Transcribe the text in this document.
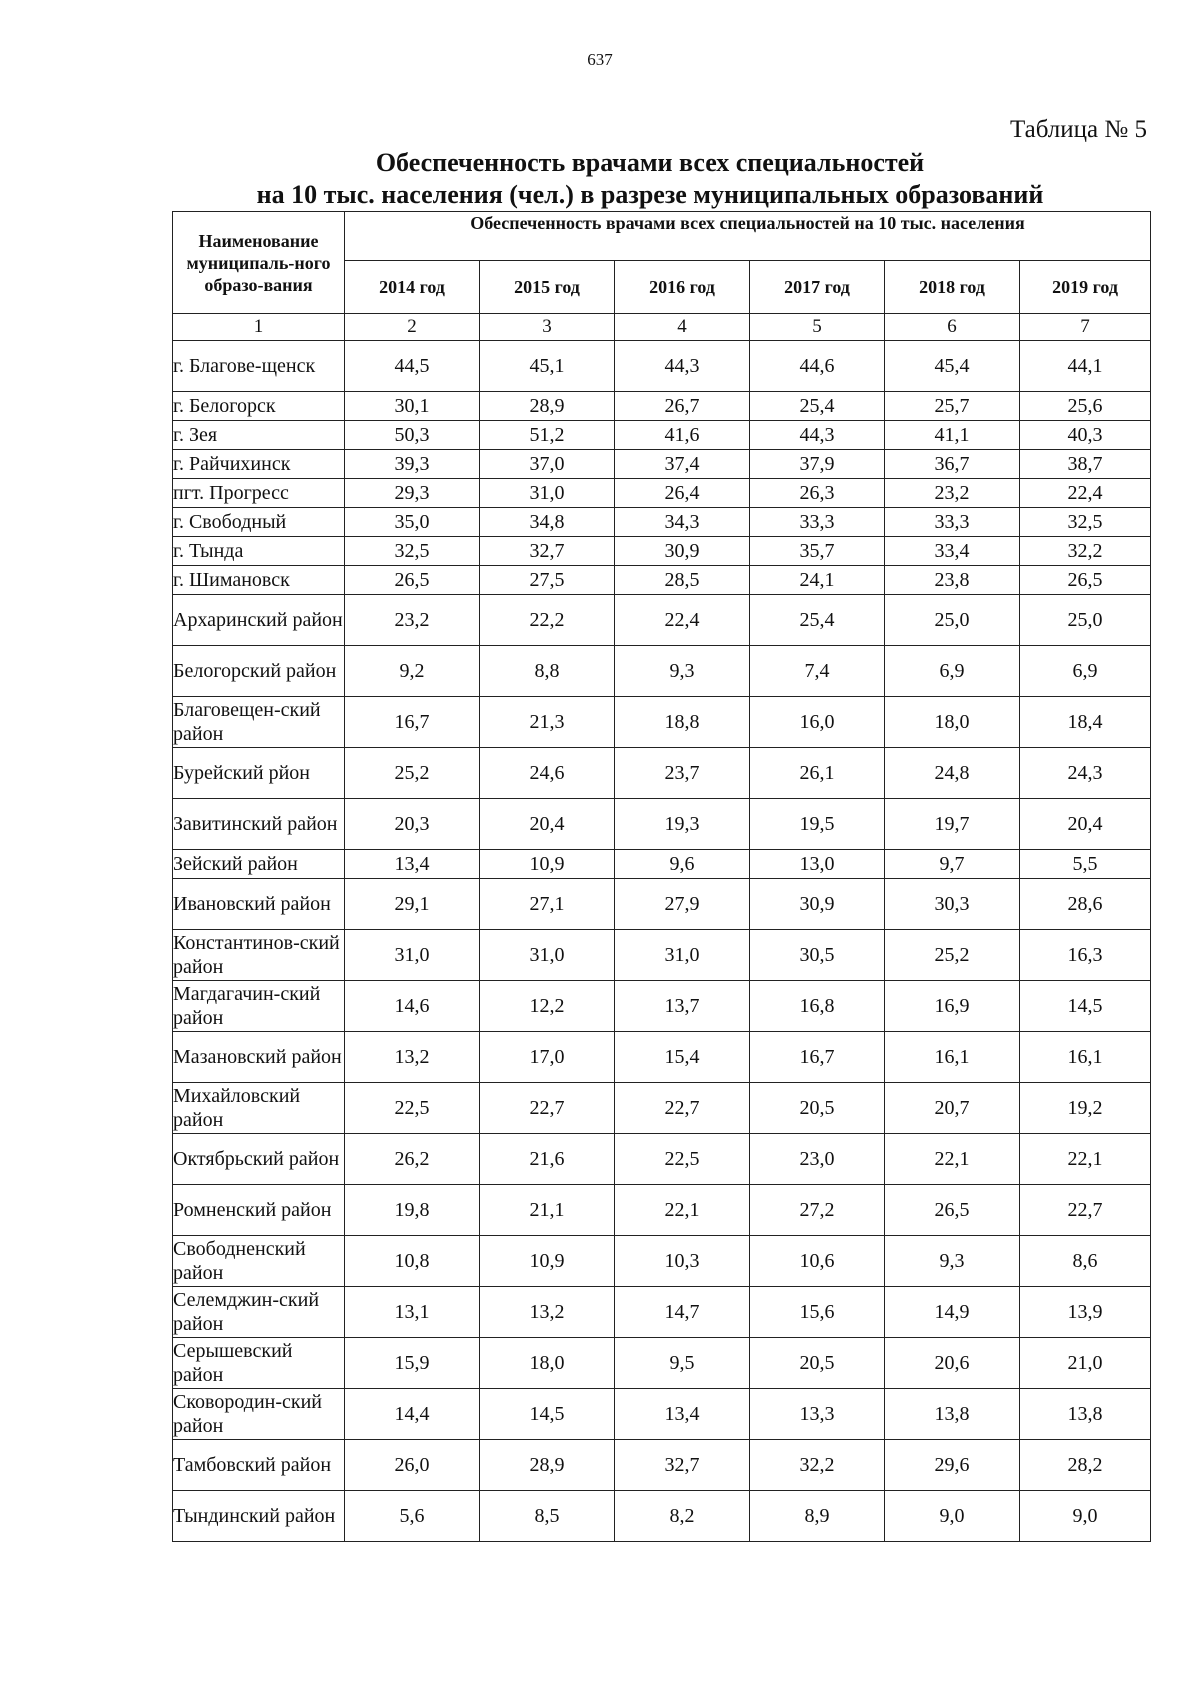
637
Таблица № 5
Обеспеченность врачами всех специальностей
на 10 тыс. населения (чел.) в разрезе муниципальных образований
Наименование муниципаль-ного образо-вания	Обеспеченность врачами всех специальностей на 10 тыс. населения					
	2014 год	2015 год	2016 год	2017 год	2018 год	2019 год
1	2	3	4	5	6	7
г. Благове-щенск	44,5	45,1	44,3	44,6	45,4	44,1
г. Белогорск	30,1	28,9	26,7	25,4	25,7	25,6
г. Зея	50,3	51,2	41,6	44,3	41,1	40,3
г. Райчихинск	39,3	37,0	37,4	37,9	36,7	38,7
пгт. Прогресс	29,3	31,0	26,4	26,3	23,2	22,4
г. Свободный	35,0	34,8	34,3	33,3	33,3	32,5
г. Тында	32,5	32,7	30,9	35,7	33,4	32,2
г. Шимановск	26,5	27,5	28,5	24,1	23,8	26,5
Архаринский район	23,2	22,2	22,4	25,4	25,0	25,0
Белогорский район	9,2	8,8	9,3	7,4	6,9	6,9
Благовещен-ский район	16,7	21,3	18,8	16,0	18,0	18,4
Бурейский рйон	25,2	24,6	23,7	26,1	24,8	24,3
Завитинский район	20,3	20,4	19,3	19,5	19,7	20,4
Зейский район	13,4	10,9	9,6	13,0	9,7	5,5
Ивановский район	29,1	27,1	27,9	30,9	30,3	28,6
Константинов-ский район	31,0	31,0	31,0	30,5	25,2	16,3
Магдагачин-ский район	14,6	12,2	13,7	16,8	16,9	14,5
Мазановский район	13,2	17,0	15,4	16,7	16,1	16,1
Михайловский район	22,5	22,7	22,7	20,5	20,7	19,2
Октябрьский район	26,2	21,6	22,5	23,0	22,1	22,1
Ромненский район	19,8	21,1	22,1	27,2	26,5	22,7
Свободненский район	10,8	10,9	10,3	10,6	9,3	8,6
Селемджин-ский район	13,1	13,2	14,7	15,6	14,9	13,9
Серышевский район	15,9	18,0	9,5	20,5	20,6	21,0
Сковородин-ский район	14,4	14,5	13,4	13,3	13,8	13,8
Тамбовский район	26,0	28,9	32,7	32,2	29,6	28,2
Тындинский район	5,6	8,5	8,2	8,9	9,0	9,0
